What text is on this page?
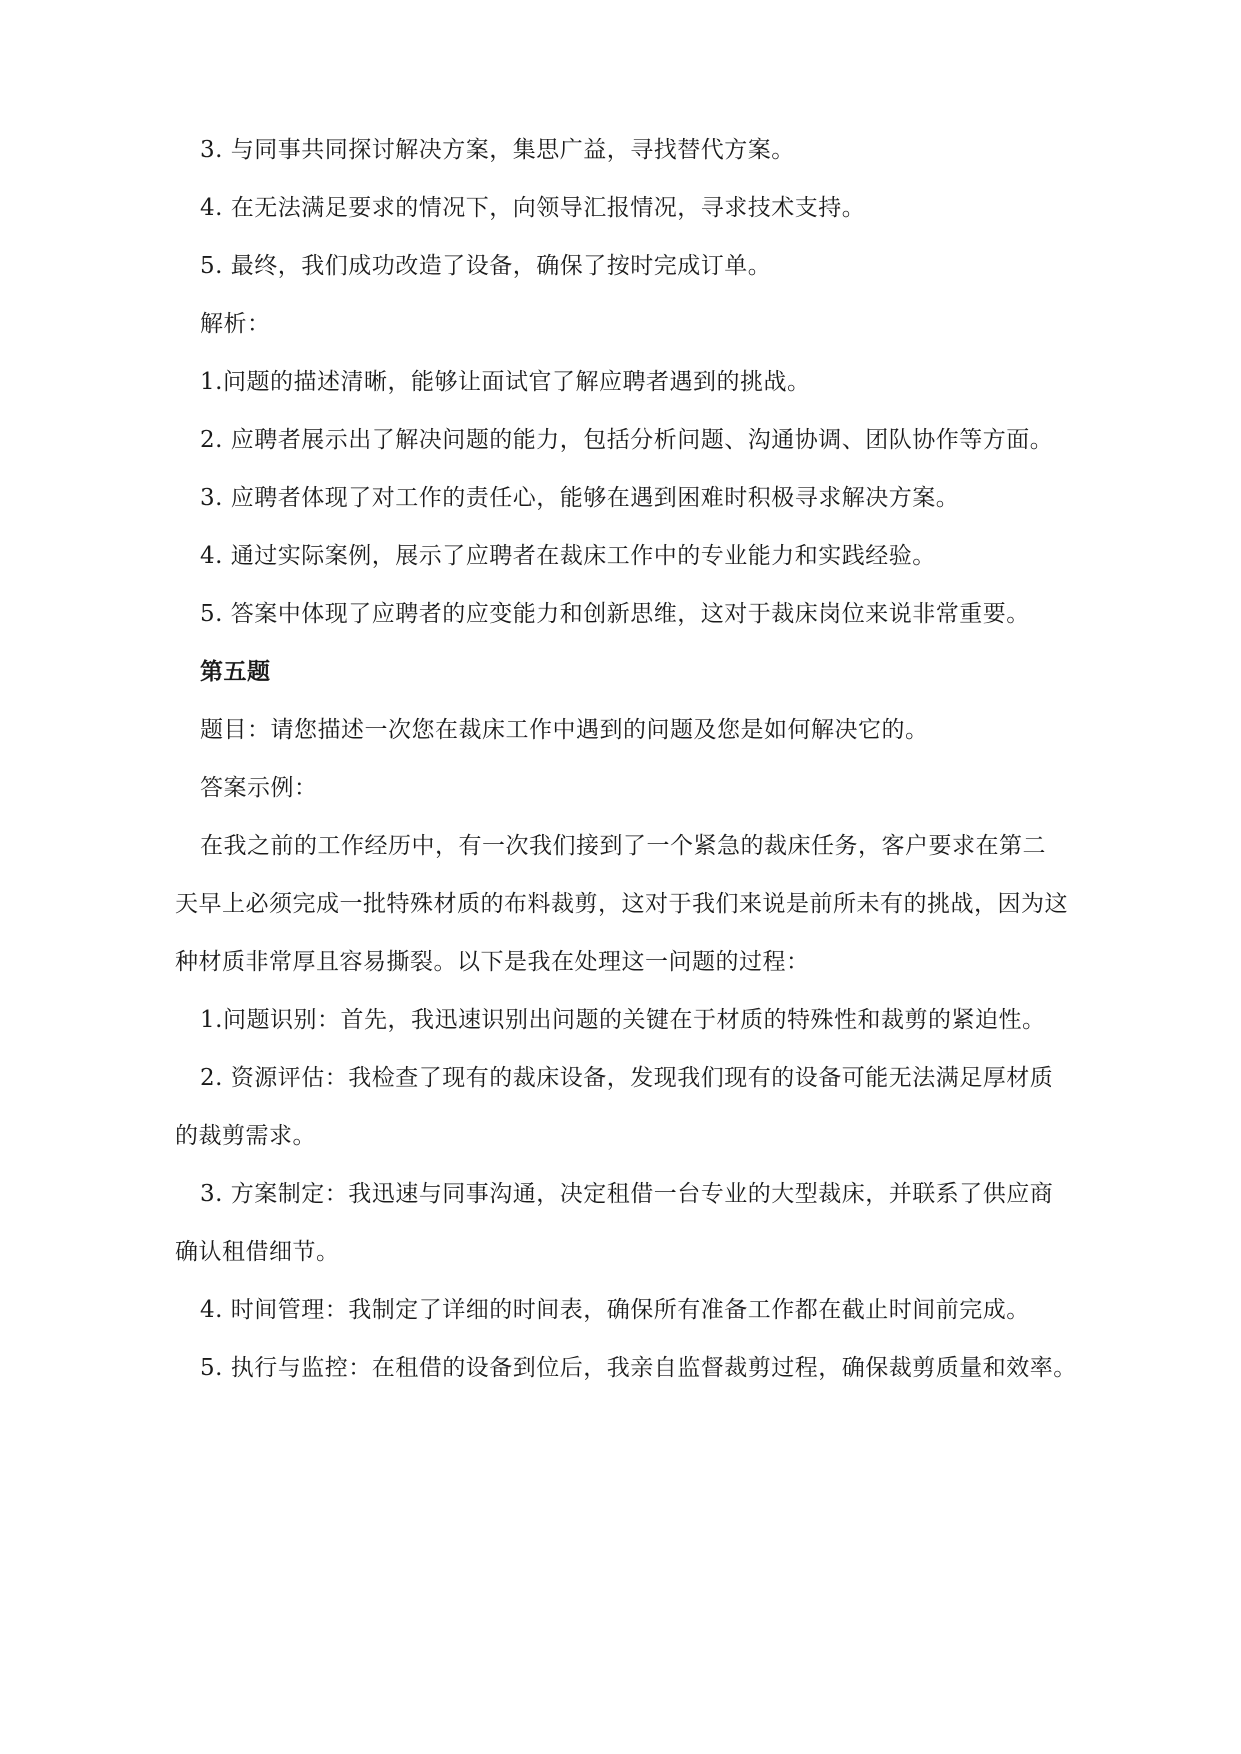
3. 与同事共同探讨解决方案，集思广益，寻找替代方案。
4. 在无法满足要求的情况下，向领导汇报情况，寻求技术支持。
5. 最终，我们成功改造了设备，确保了按时完成订单。
解析：
1.问题的描述清晰，能够让面试官了解应聘者遇到的挑战。
2. 应聘者展示出了解决问题的能力，包括分析问题、沟通协调、团队协作等方面。
3. 应聘者体现了对工作的责任心，能够在遇到困难时积极寻求解决方案。
4. 通过实际案例，展示了应聘者在裁床工作中的专业能力和实践经验。
5. 答案中体现了应聘者的应变能力和创新思维，这对于裁床岗位来说非常重要。
第五题
题目：请您描述一次您在裁床工作中遇到的问题及您是如何解决它的。
答案示例：
在我之前的工作经历中，有一次我们接到了一个紧急的裁床任务，客户要求在第二
天早上必须完成一批特殊材质的布料裁剪，这对于我们来说是前所未有的挑战，因为这
种材质非常厚且容易撕裂。以下是我在处理这一问题的过程：
1.问题识别：首先，我迅速识别出问题的关键在于材质的特殊性和裁剪的紧迫性。
2. 资源评估：我检查了现有的裁床设备，发现我们现有的设备可能无法满足厚材质
的裁剪需求。
3. 方案制定：我迅速与同事沟通，决定租借一台专业的大型裁床，并联系了供应商
确认租借细节。
4. 时间管理：我制定了详细的时间表，确保所有准备工作都在截止时间前完成。
5. 执行与监控：在租借的设备到位后，我亲自监督裁剪过程，确保裁剪质量和效率。
